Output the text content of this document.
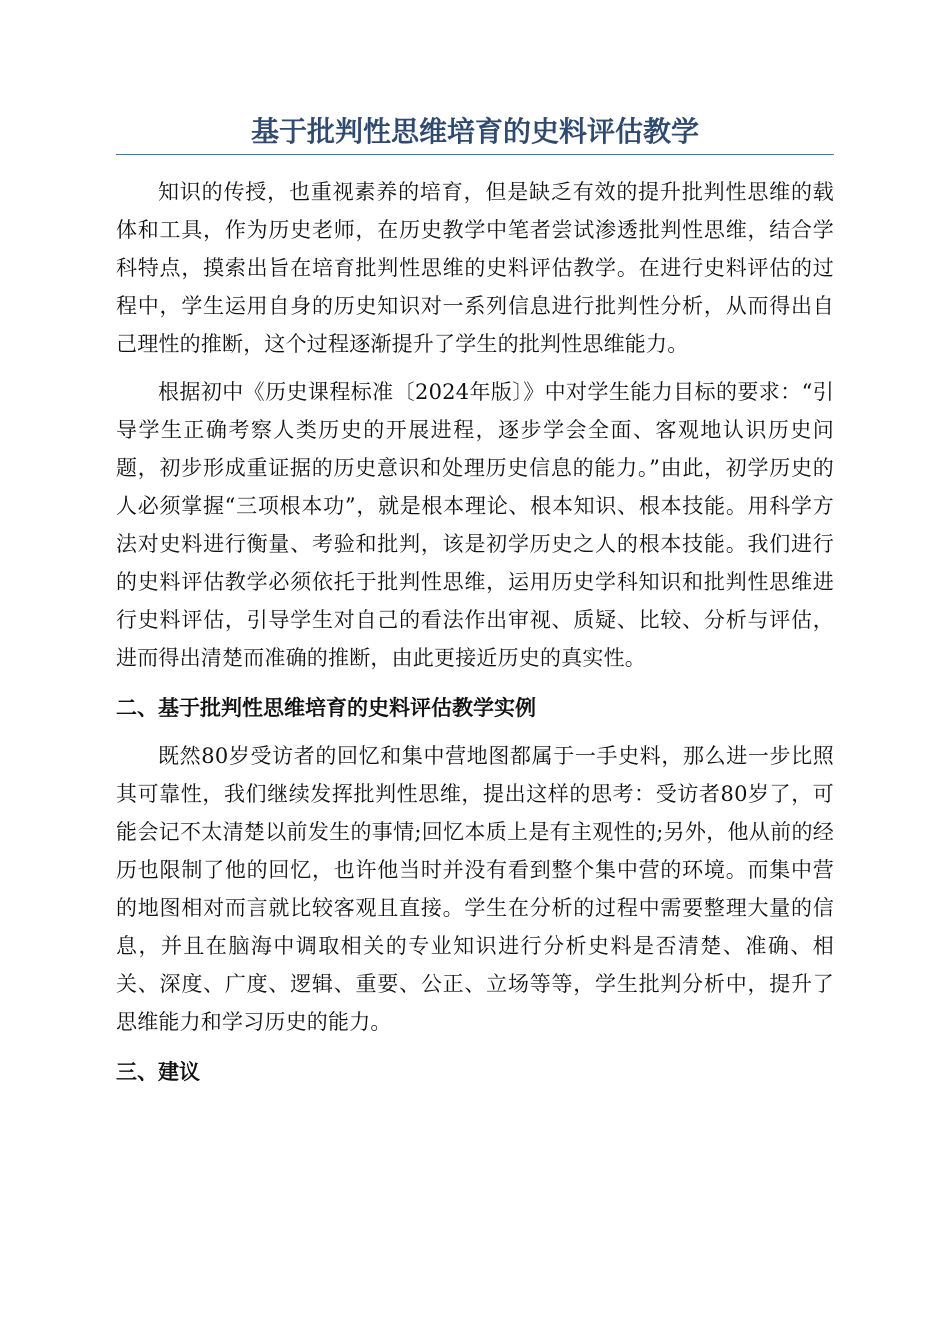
基于批判性思维培育的史料评估教学

知识的传授，也重视素养的培育，但是缺乏有效的提升批判性思维的载体和工具，作为历史老师，在历史教学中笔者尝试渗透批判性思维，结合学科特点，摸索出旨在培育批判性思维的史料评估教学。在进行史料评估的过程中，学生运用自身的历史知识对一系列信息进行批判性分析，从而得出自己理性的推断，这个过程逐渐提升了学生的批判性思维能力。

根据初中《历史课程标准〔2024年版〕》中对学生能力目标的要求：“引导学生正确考察人类历史的开展进程，逐步学会全面、客观地认识历史问题，初步形成重证据的历史意识和处理历史信息的能力。”由此，初学历史的人必须掌握“三项根本功”，就是根本理论、根本知识、根本技能。用科学方法对史料进行衡量、考验和批判，该是初学历史之人的根本技能。我们进行的史料评估教学必须依托于批判性思维，运用历史学科知识和批判性思维进行史料评估，引导学生对自己的看法作出审视、质疑、比较、分析与评估，进而得出清楚而准确的推断，由此更接近历史的真实性。

二、基于批判性思维培育的史料评估教学实例

既然80岁受访者的回忆和集中营地图都属于一手史料，那么进一步比照其可靠性，我们继续发挥批判性思维，提出这样的思考：受访者80岁了，可能会记不太清楚以前发生的事情;回忆本质上是有主观性的;另外，他从前的经历也限制了他的回忆，也许他当时并没有看到整个集中营的环境。而集中营的地图相对而言就比较客观且直接。学生在分析的过程中需要整理大量的信息，并且在脑海中调取相关的专业知识进行分析史料是否清楚、准确、相关、深度、广度、逻辑、重要、公正、立场等等，学生批判分析中，提升了思维能力和学习历史的能力。

三、建议
